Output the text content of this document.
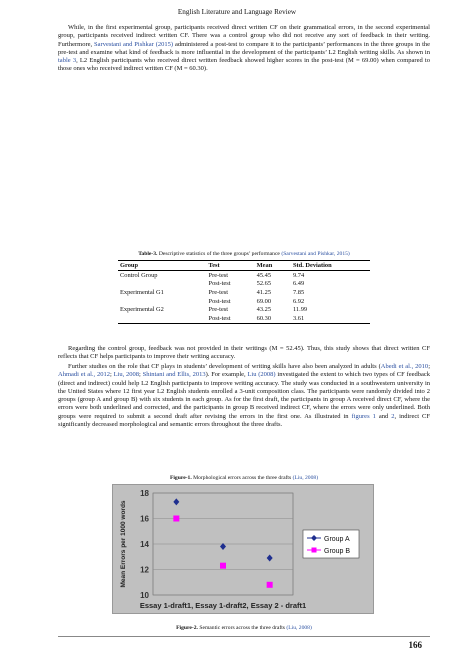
English Literature and Language Review

While, in the first experimental group, participants received direct written CF on their grammatical errors, in the second experimental group, participants received indirect written CF. There was a control group who did not receive any sort of feedback in their writing. Furthermore, Sarvestani and Pishkar (2015) administered a post-test to compare it to the participants’ performances in the three groups in the pre-test and examine what kind of feedback is more influential in the development of the participants’ L2 English writing skills. As shown in table 3, L2 English participants who received direct written feedback showed higher scores in the post-test (M = 69.00) when compared to those ones who received indirect written CF (M = 60.30).

Table-3. Descriptive statistics of the three groups’ performance (Sarvestani and Pishkar, 2015)
Group	Test	Mean	Std. Deviation
Control Group	Pre-test	45.45	9.74
	Post-test	52.65	6.49
Experimental G1	Pre-test	41.25	7.85
	Post-test	69.00	6.92
Experimental G2	Pre-test	43.25	11.99
	Post-test	60.30	3.61

Regarding the control group, feedback was not provided in their writings (M = 52.45). Thus, this study shows that direct written CF reflects that CF helps participants to improve their writing accuracy.

Further studies on the role that CF plays in students’ development of writing skills have also been analyzed in adults (Abedi et al., 2010; Ahmadi et al., 2012; Liu, 2008; Shintani and Ellis, 2013). For example, Liu (2008) investigated the extent to which two types of CF feedback (direct and indirect) could help L2 English participants to improve writing accuracy. The study was conducted in a southwestern university in the United States where 12 first year L2 English students enrolled a 3-unit composition class. The participants were randomly divided into 2 groups (group A and group B) with six students in each group. As for the first draft, the participants in group A received direct CF, where the errors were both underlined and corrected, and the participants in group B received indirect CF, where the errors were only underlined. Both groups were required to submit a second draft after revising the errors in the first one. As illustrated in figures 1 and 2, indirect CF significantly decreased morphological and semantic errors throughout the three drafts.

Figure-1. Morphological errors across the three drafts (Liu, 2008)
10
12
14
16
18
Mean Errors per 1000 words
Essay 1-draft1, Essay 1-draft2, Essay 2 - draft1
Group A
Group B
Figure-2. Semantic errors across the three drafts (Liu, 2008)
166
